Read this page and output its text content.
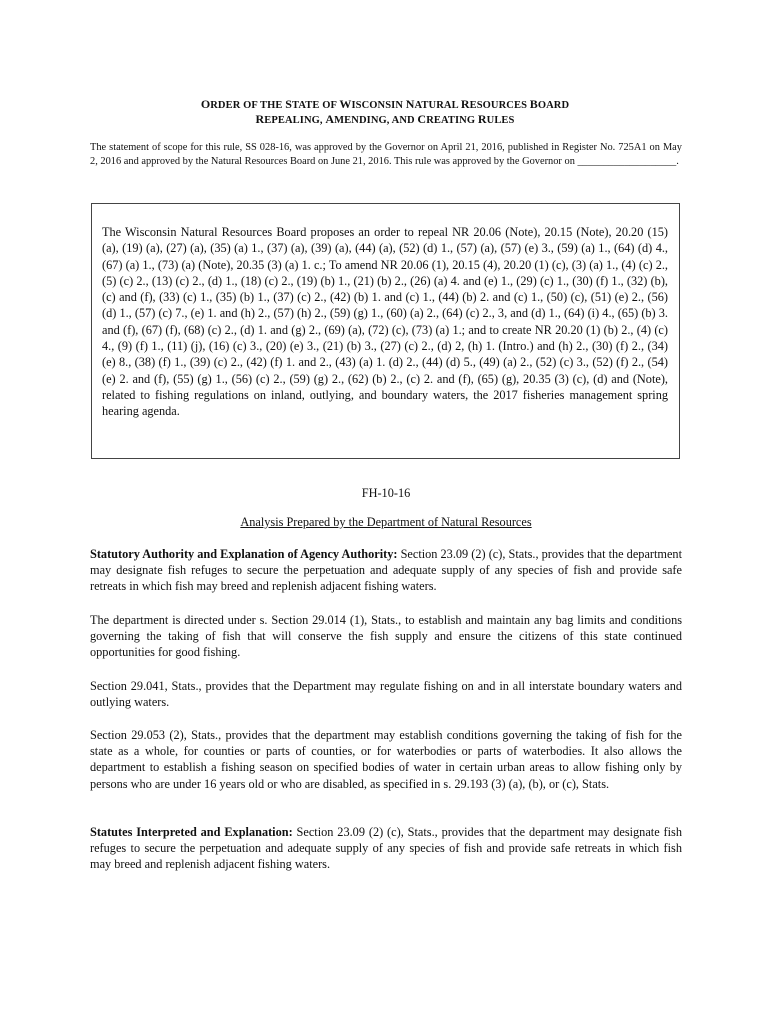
ORDER OF THE STATE OF WISCONSIN NATURAL RESOURCES BOARD
REPEALING, AMENDING, AND CREATING RULES
The statement of scope for this rule, SS 028-16, was approved by the Governor on April 21, 2016, published in Register No. 725A1 on May 2, 2016 and approved by the Natural Resources Board on June 21, 2016. This rule was approved by the Governor on ___________________.
The Wisconsin Natural Resources Board proposes an order to repeal NR 20.06 (Note), 20.15 (Note), 20.20 (15) (a), (19) (a), (27) (a), (35) (a) 1., (37) (a), (39) (a), (44) (a), (52) (d) 1., (57) (a), (57) (e) 3., (59) (a) 1., (64) (d) 4., (67) (a) 1., (73) (a) (Note), 20.35 (3) (a) 1. c.; To amend NR 20.06 (1), 20.15 (4), 20.20 (1) (c), (3) (a) 1., (4) (c) 2., (5) (c) 2., (13) (c) 2., (d) 1., (18) (c) 2., (19) (b) 1., (21) (b) 2., (26) (a) 4. and (e) 1., (29) (c) 1., (30) (f) 1., (32) (b), (c) and (f), (33) (c) 1., (35) (b) 1., (37) (c) 2., (42) (b) 1. and (c) 1., (44) (b) 2. and (c) 1., (50) (c), (51) (e) 2., (56) (d) 1., (57) (c) 7., (e) 1. and (h) 2., (57) (h) 2., (59) (g) 1., (60) (a) 2., (64) (c) 2., 3, and (d) 1., (64) (i) 4., (65) (b) 3. and (f), (67) (f), (68) (c) 2., (d) 1. and (g) 2., (69) (a), (72) (c), (73) (a) 1.; and to create NR 20.20 (1) (b) 2., (4) (c) 4., (9) (f) 1., (11) (j), (16) (c) 3., (20) (e) 3., (21) (b) 3., (27) (c) 2., (d) 2, (h) 1. (Intro.) and (h) 2., (30) (f) 2., (34) (e) 8., (38) (f) 1., (39) (c) 2., (42) (f) 1. and 2., (43) (a) 1. (d) 2., (44) (d) 5., (49) (a) 2., (52) (c) 3., (52) (f) 2., (54) (e) 2. and (f), (55) (g) 1., (56) (c) 2., (59) (g) 2., (62) (b) 2., (c) 2. and (f), (65) (g), 20.35 (3) (c), (d) and (Note), related to fishing regulations on inland, outlying, and boundary waters, the 2017 fisheries management spring hearing agenda.
FH-10-16
Analysis Prepared by the Department of Natural Resources
Statutory Authority and Explanation of Agency Authority: Section 23.09 (2) (c), Stats., provides that the department may designate fish refuges to secure the perpetuation and adequate supply of any species of fish and provide safe retreats in which fish may breed and replenish adjacent fishing waters.
The department is directed under s. Section 29.014 (1), Stats., to establish and maintain any bag limits and conditions governing the taking of fish that will conserve the fish supply and ensure the citizens of this state continued opportunities for good fishing.
Section 29.041, Stats., provides that the Department may regulate fishing on and in all interstate boundary waters and outlying waters.
Section 29.053 (2), Stats., provides that the department may establish conditions governing the taking of fish for the state as a whole, for counties or parts of counties, or for waterbodies or parts of waterbodies. It also allows the department to establish a fishing season on specified bodies of water in certain urban areas to allow fishing only by persons who are under 16 years old or who are disabled, as specified in s. 29.193 (3) (a), (b), or (c), Stats.
Statutes Interpreted and Explanation: Section 23.09 (2) (c), Stats., provides that the department may designate fish refuges to secure the perpetuation and adequate supply of any species of fish and provide safe retreats in which fish may breed and replenish adjacent fishing waters.
